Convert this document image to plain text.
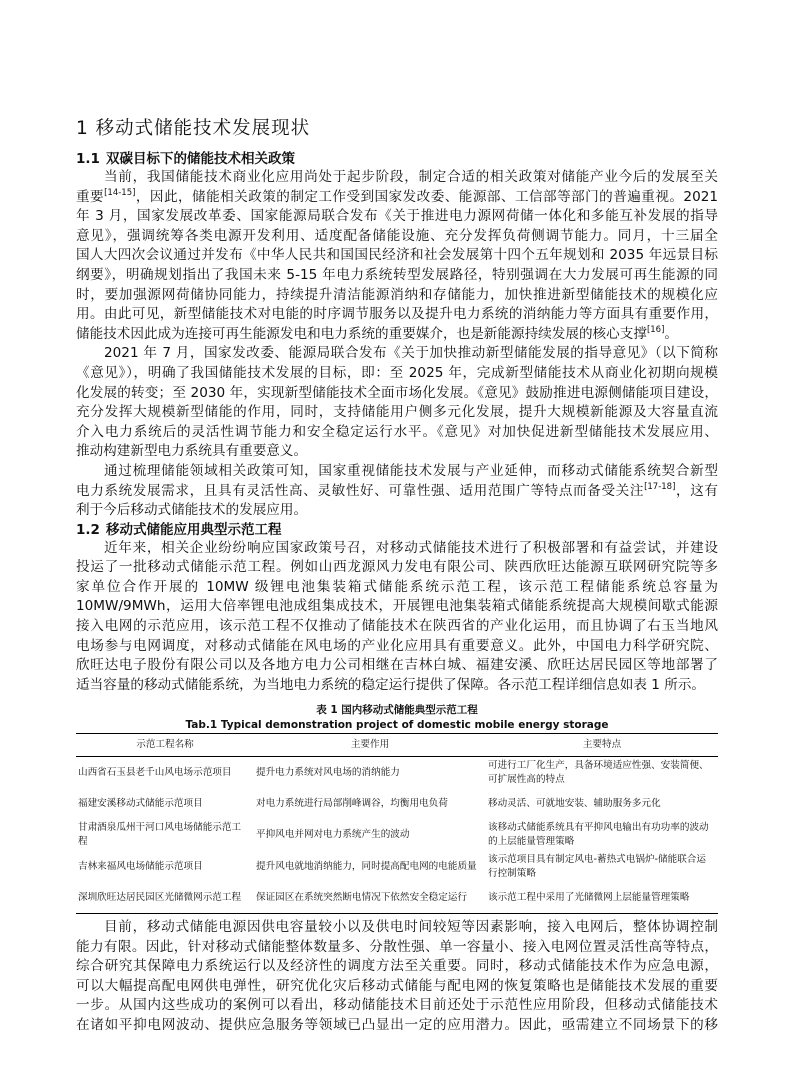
1 移动式储能技术发展现状
1.1 双碳目标下的储能技术相关政策
当前，我国储能技术商业化应用尚处于起步阶段，制定合适的相关政策对储能产业今后的发展至关
重要[14-15]，因此，储能相关政策的制定工作受到国家发改委、能源部、工信部等部门的普遍重视。2021
年 3 月，国家发展改革委、国家能源局联合发布《关于推进电力源网荷储一体化和多能互补发展的指导
意见》，强调统筹各类电源开发利用、适度配备储能设施、充分发挥负荷侧调节能力。同月，十三届全
国人大四次会议通过并发布《中华人民共和国国民经济和社会发展第十四个五年规划和 2035 年远景目标
纲要》，明确规划指出了我国未来 5-15 年电力系统转型发展路径，特别强调在大力发展可再生能源的同
时，要加强源网荷储协同能力，持续提升清洁能源消纳和存储能力，加快推进新型储能技术的规模化应
用。由此可见，新型储能技术对电能的时序调节服务以及提升电力系统的消纳能力等方面具有重要作用，
储能技术因此成为连接可再生能源发电和电力系统的重要媒介，也是新能源持续发展的核心支撑[16]。
2021 年 7 月，国家发改委、能源局联合发布《关于加快推动新型储能发展的指导意见》（以下简称
《意见》），明确了我国储能技术发展的目标，即：至 2025 年，完成新型储能技术从商业化初期向规模
化发展的转变；至 2030 年，实现新型储能技术全面市场化发展。《意见》鼓励推进电源侧储能项目建设，
充分发挥大规模新型储能的作用，同时，支持储能用户侧多元化发展，提升大规模新能源及大容量直流
介入电力系统后的灵活性调节能力和安全稳定运行水平。《意见》对加快促进新型储能技术发展应用、
推动构建新型电力系统具有重要意义。
通过梳理储能领域相关政策可知，国家重视储能技术发展与产业延伸，而移动式储能系统契合新型
电力系统发展需求，且具有灵活性高、灵敏性好、可靠性强、适用范围广等特点而备受关注[17-18]，这有
利于今后移动式储能技术的发展应用。
1.2 移动式储能应用典型示范工程
近年来，相关企业纷纷响应国家政策号召，对移动式储能技术进行了积极部署和有益尝试，并建设
投运了一批移动式储能示范工程。例如山西龙源风力发电有限公司、陕西欣旺达能源互联网研究院等多
家单位合作开展的 10MW 级锂电池集装箱式储能系统示范工程，该示范工程储能系统总容量为
10MW/9MWh，运用大倍率锂电池成组集成技术，开展锂电池集装箱式储能系统提高大规模间歇式能源
接入电网的示范应用，该示范工程不仅推动了储能技术在陕西省的产业化运用，而且协调了右玉当地风
电场参与电网调度，对移动式储能在风电场的产业化应用具有重要意义。此外，中国电力科学研究院、
欣旺达电子股份有限公司以及各地方电力公司相继在吉林白城、福建安溪、欣旺达居民园区等地部署了
适当容量的移动式储能系统，为当地电力系统的稳定运行提供了保障。各示范工程详细信息如表 1 所示。
表 1 国内移动式储能典型示范工程
Tab.1 Typical demonstration project of domestic mobile energy storage
示范工程名称	主要作用	主要特点
山西省石玉县老千山风电场示范项目	提升电力系统对风电场的消纳能力	可进行工厂化生产，具备环境适应性强、安装简便、可扩展性高的特点
福建安溪移动式储能示范项目	对电力系统进行局部削峰调谷，均衡用电负荷	移动灵活、可就地安装、辅助服务多元化
甘肃酒泉瓜州干河口风电场储能示范工程	平抑风电并网对电力系统产生的波动	该移动式储能系统具有平抑风电输出有功功率的波动的上层能量管理策略
吉林来福风电场储能示范项目	提升风电就地消纳能力，同时提高配电网的电能质量	该示范项目具有制定风电-蓄热式电锅炉-储能联合运行控制策略
深圳欣旺达居民园区光储微网示范工程	保证园区在系统突然断电情况下依然安全稳定运行	该示范工程中采用了光储微网上层能量管理策略
目前，移动式储能电源因供电容量较小以及供电时间较短等因素影响，接入电网后，整体协调控制
能力有限。因此，针对移动式储能整体数量多、分散性强、单一容量小、接入电网位置灵活性高等特点，
综合研究其保障电力系统运行以及经济性的调度方法至关重要。同时，移动式储能技术作为应急电源，
可以大幅提高配电网供电弹性，研究优化灾后移动式储能与配电网的恢复策略也是储能技术发展的重要
一步。从国内这些成功的案例可以看出，移动储能技术目前还处于示范性应用阶段，但移动式储能技术
在诸如平抑电网波动、提供应急服务等领域已凸显出一定的应用潜力。因此，亟需建立不同场景下的移
